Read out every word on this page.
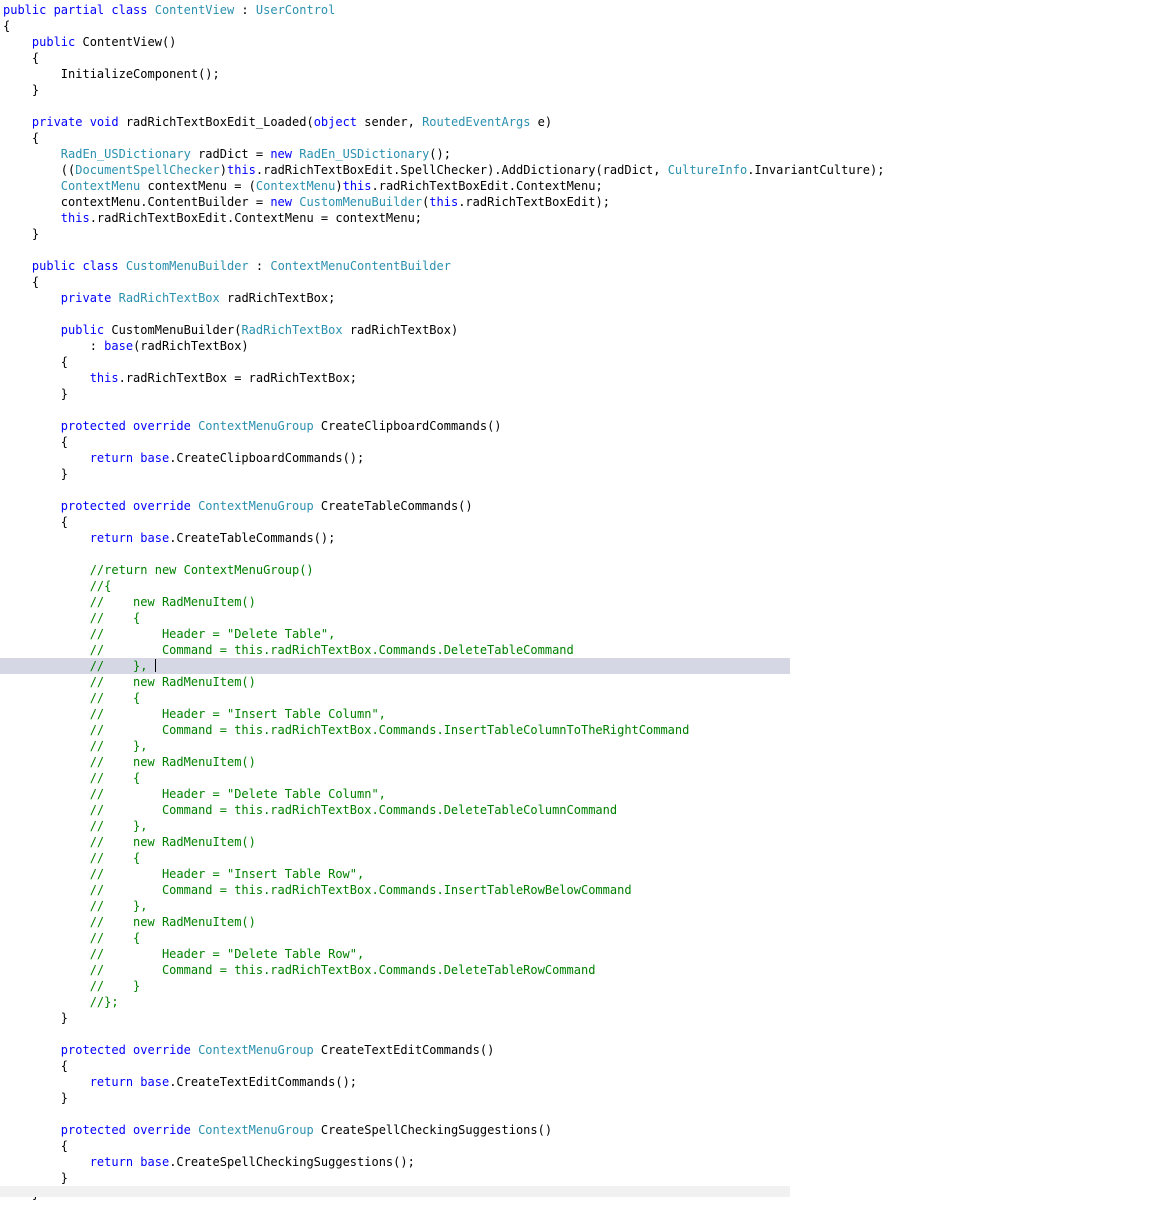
public partial class ContentView : UserControl
{
public ContentView()
{
InitializeComponent();
}
private void radRichTextBoxEdit_Loaded(object sender, RoutedEventArgs e)
{
RadEn_USDictionary radDict = new RadEn_USDictionary();
((DocumentSpellChecker)this.radRichTextBoxEdit.SpellChecker).AddDictionary(radDict, CultureInfo.InvariantCulture);
ContextMenu contextMenu = (ContextMenu)this.radRichTextBoxEdit.ContextMenu;
contextMenu.ContentBuilder = new CustomMenuBuilder(this.radRichTextBoxEdit);
this.radRichTextBoxEdit.ContextMenu = contextMenu;
}
public class CustomMenuBuilder : ContextMenuContentBuilder
{
private RadRichTextBox radRichTextBox;
public CustomMenuBuilder(RadRichTextBox radRichTextBox)
: base(radRichTextBox)
{
this.radRichTextBox = radRichTextBox;
}
protected override ContextMenuGroup CreateClipboardCommands()
{
return base.CreateClipboardCommands();
}
protected override ContextMenuGroup CreateTableCommands()
{
return base.CreateTableCommands();
//return new ContextMenuGroup()
//{
//    new RadMenuItem()
//    {
//        Header = "Delete Table",
//        Command = this.radRichTextBox.Commands.DeleteTableCommand
//    },
//    new RadMenuItem()
//    {
//        Header = "Insert Table Column",
//        Command = this.radRichTextBox.Commands.InsertTableColumnToTheRightCommand
//    },
//    new RadMenuItem()
//    {
//        Header = "Delete Table Column",
//        Command = this.radRichTextBox.Commands.DeleteTableColumnCommand
//    },
//    new RadMenuItem()
//    {
//        Header = "Insert Table Row",
//        Command = this.radRichTextBox.Commands.InsertTableRowBelowCommand
//    },
//    new RadMenuItem()
//    {
//        Header = "Delete Table Row",
//        Command = this.radRichTextBox.Commands.DeleteTableRowCommand
//    }
//};
}
protected override ContextMenuGroup CreateTextEditCommands()
{
return base.CreateTextEditCommands();
}
protected override ContextMenuGroup CreateSpellCheckingSuggestions()
{
return base.CreateSpellCheckingSuggestions();
}
